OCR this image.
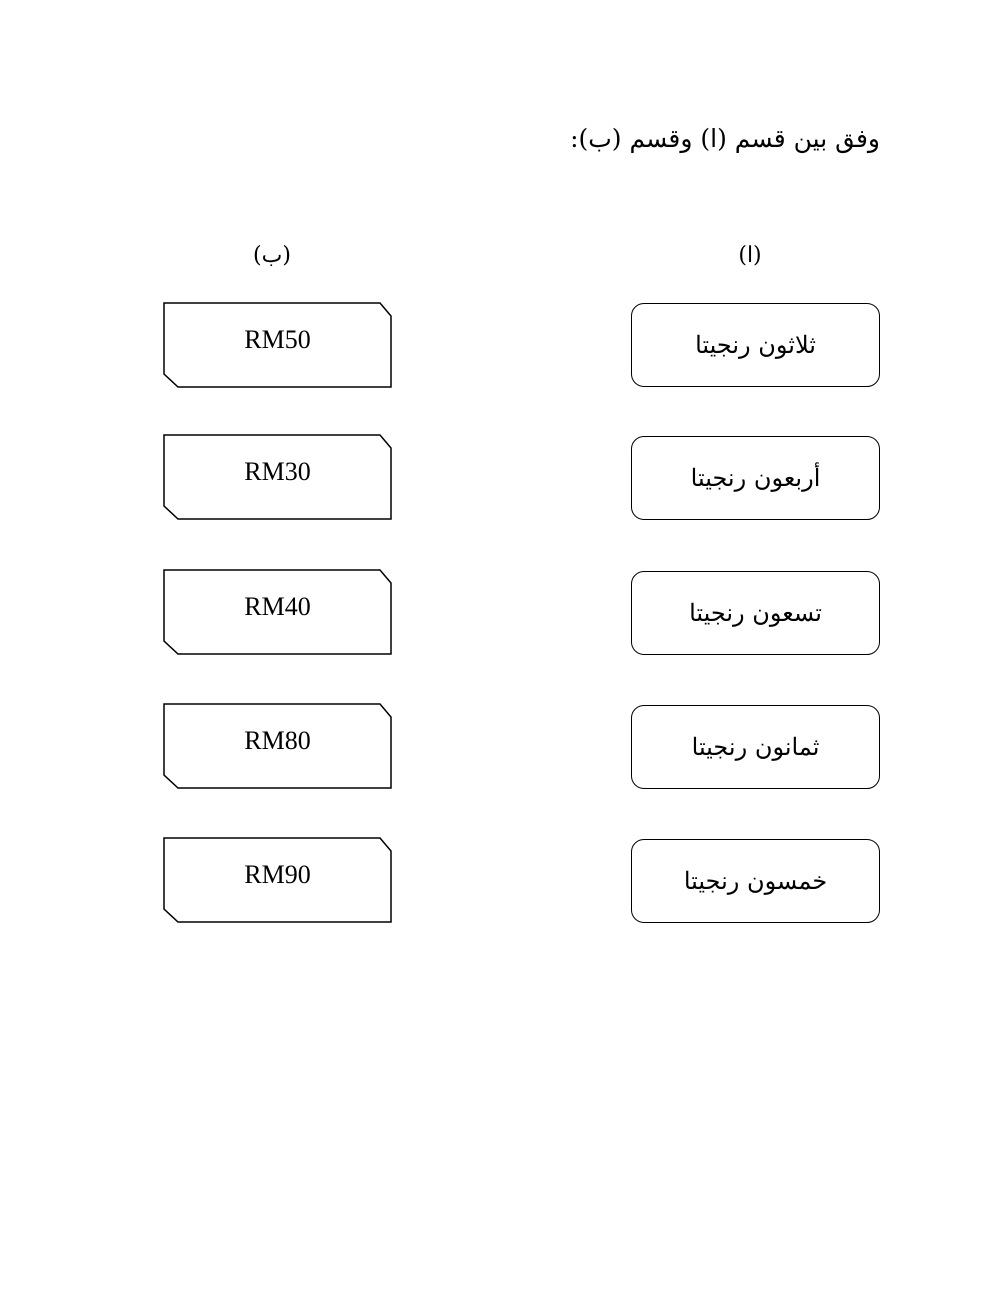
وفق بين قسم (ا) وقسم (ب):
(ا)
(ب)
ثلاثون رنجيتا
أربعون رنجيتا
تسعون رنجيتا
ثمانون رنجيتا
خمسون رنجيتا
RM50
RM30
RM40
RM80
RM90
